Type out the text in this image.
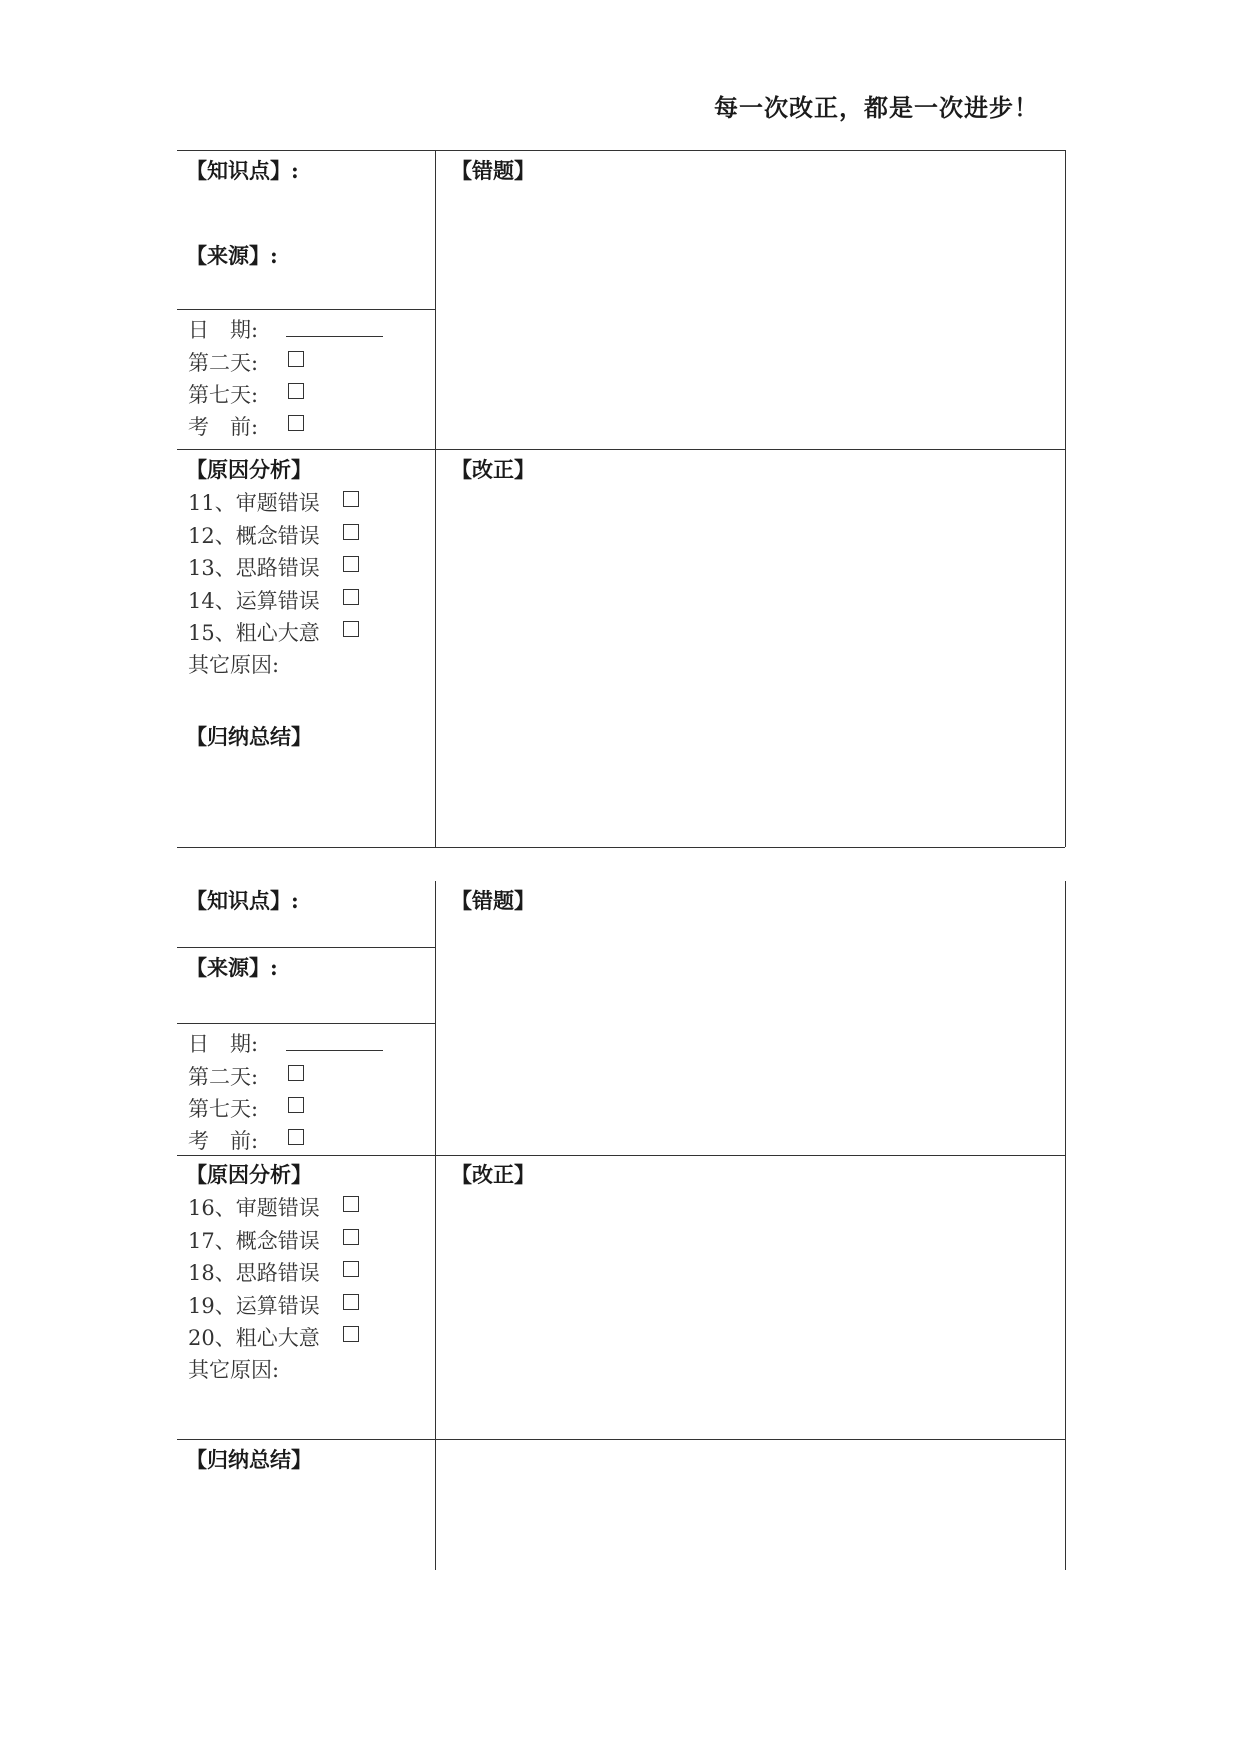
每一次改正，都是一次进步！
【知识点】:
【来源】:
日　期:
第二天:
第七天:
考　前:
【错题】
【改正】
【原因分析】
11、审题错误
12、概念错误
13、思路错误
14、运算错误
15、粗心大意
其它原因:
【归纳总结】
【知识点】:
【来源】:
日　期:
第二天:
第七天:
考　前:
【错题】
【改正】
【原因分析】
16、审题错误
17、概念错误
18、思路错误
19、运算错误
20、粗心大意
其它原因:
【归纳总结】
